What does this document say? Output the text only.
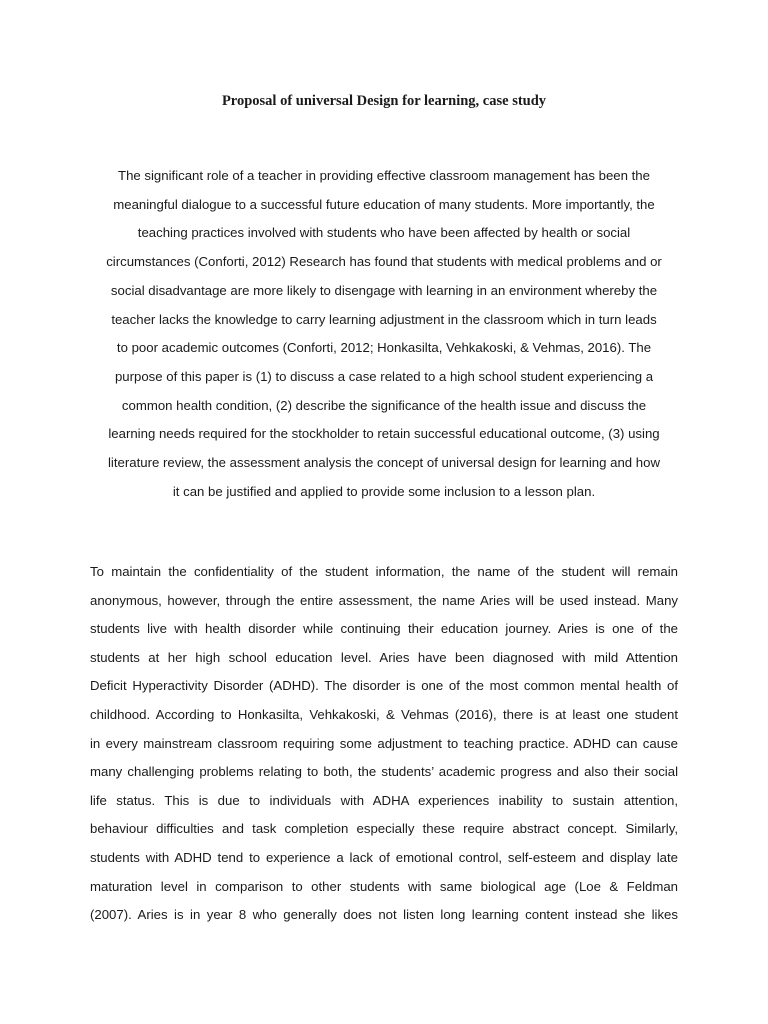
Proposal of universal Design for learning, case study

The significant role of a teacher in providing effective classroom management has been the
meaningful dialogue to a successful future education of many students. More importantly, the
teaching practices involved with students who have been affected by health or social
circumstances (Conforti, 2012) Research has found that students with medical problems and or
social disadvantage are more likely to disengage with learning in an environment whereby the
teacher lacks the knowledge to carry learning adjustment in the classroom which in turn leads
to poor academic outcomes (Conforti, 2012; Honkasilta, Vehkakoski, & Vehmas, 2016). The
purpose of this paper is (1) to discuss a case related to a high school student experiencing a
common health condition, (2) describe the significance of the health issue and discuss the
learning needs required for the stockholder to retain successful educational outcome, (3) using
literature review, the assessment analysis the concept of universal design for learning and how
it can be justified and applied to provide some inclusion to a lesson plan.

To maintain the confidentiality of the student information, the name of the student will remain
anonymous, however, through the entire assessment, the name Aries will be used instead. Many
students live with health disorder while continuing their education journey. Aries is one of the
students at her high school education level. Aries have been diagnosed with mild Attention
Deficit Hyperactivity Disorder (ADHD). The disorder is one of the most common mental health of
childhood. According to Honkasilta, Vehkakoski, & Vehmas (2016), there is at least one student
in every mainstream classroom requiring some adjustment to teaching practice. ADHD can cause
many challenging problems relating to both, the students’ academic progress and also their social
life status. This is due to individuals with ADHA experiences inability to sustain attention,
behaviour difficulties and task completion especially these require abstract concept. Similarly,
students with ADHD tend to experience a lack of emotional control, self-esteem and display late
maturation level in comparison to other students with same biological age (Loe & Feldman
(2007). Aries is in year 8 who generally does not listen long learning content instead she likes
